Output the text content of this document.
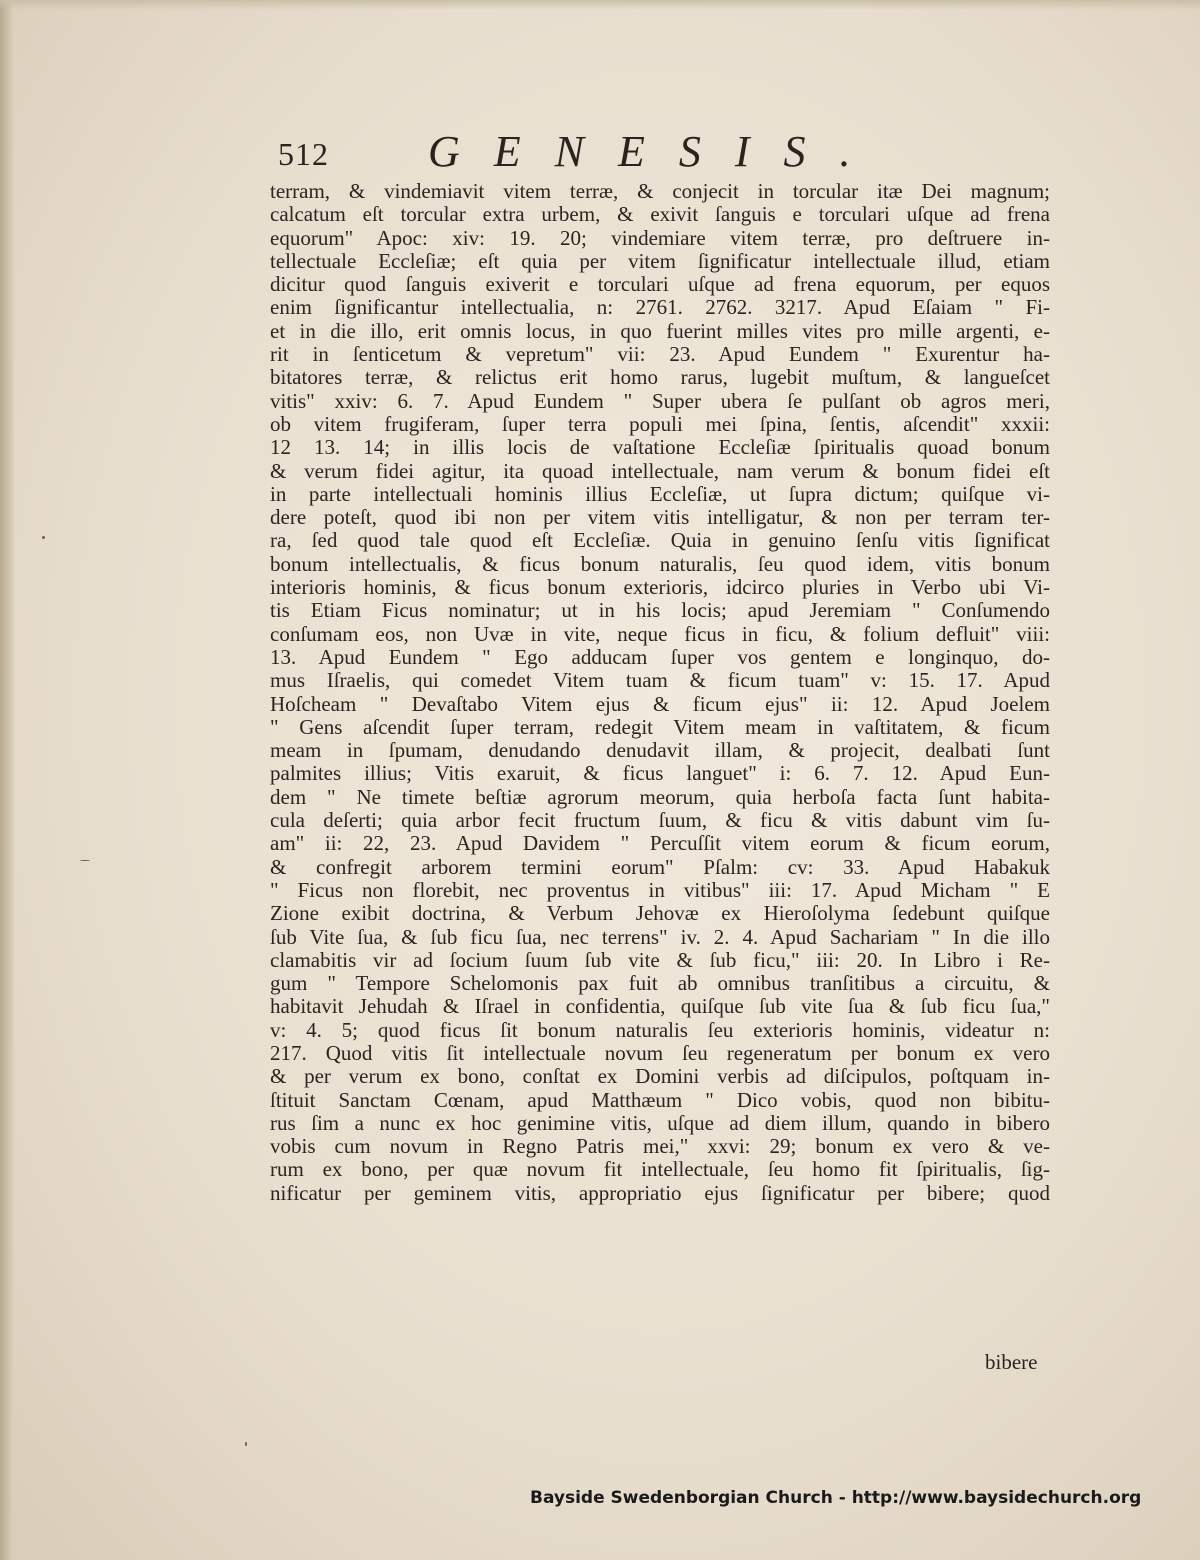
512 GENESIS.
terram, & vindemiavit vitem terræ, & conjecit in torcular itæ Dei magnum;
calcatum eſt torcular extra urbem, & exivit ſanguis e torculari uſque ad frena
equorum" Apoc: xiv: 19. 20; vindemiare vitem terræ, pro deſtruere in-
tellectuale Eccleſiæ; eſt quia per vitem ſignificatur intellectuale illud, etiam
dicitur quod ſanguis exiverit e torculari uſque ad frena equorum, per equos
enim ſignificantur intellectualia, n: 2761. 2762. 3217. Apud Eſaiam " Fi-
et in die illo, erit omnis locus, in quo fuerint milles vites pro mille argenti, e-
rit in ſenticetum & vepretum" vii: 23. Apud Eundem " Exurentur ha-
bitatores terræ, & relictus erit homo rarus, lugebit muſtum, & langueſcet
vitis" xxiv: 6. 7. Apud Eundem " Super ubera ſe pulſant ob agros meri,
ob vitem frugiferam, ſuper terra populi mei ſpina, ſentis, aſcendit" xxxii:
12 13. 14; in illis locis de vaſtatione Eccleſiæ ſpiritualis quoad bonum
& verum fidei agitur, ita quoad intellectuale, nam verum & bonum fidei eſt
in parte intellectuali hominis illius Eccleſiæ, ut ſupra dictum; quiſque vi-
dere poteſt, quod ibi non per vitem vitis intelligatur, & non per terram ter-
ra, ſed quod tale quod eſt Eccleſiæ. Quia in genuino ſenſu vitis ſignificat
bonum intellectualis, & ficus bonum naturalis, ſeu quod idem, vitis bonum
interioris hominis, & ficus bonum exterioris, idcirco pluries in Verbo ubi Vi-
tis Etiam Ficus nominatur; ut in his locis; apud Jeremiam " Conſumendo
conſumam eos, non Uvæ in vite, neque ficus in ficu, & folium defluit" viii:
13. Apud Eundem " Ego adducam ſuper vos gentem e longinquo, do-
mus Iſraelis, qui comedet Vitem tuam & ficum tuam" v: 15. 17. Apud
Hoſcheam " Devaſtabo Vitem ejus & ficum ejus" ii: 12. Apud Joelem
" Gens aſcendit ſuper terram, redegit Vitem meam in vaſtitatem, & ficum
meam in ſpumam, denudando denudavit illam, & projecit, dealbati ſunt
palmites illius; Vitis exaruit, & ficus languet" i: 6. 7. 12. Apud Eun-
dem " Ne timete beſtiæ agrorum meorum, quia herboſa facta ſunt habita-
cula deſerti; quia arbor fecit fructum ſuum, & ficu & vitis dabunt vim ſu-
am" ii: 22, 23. Apud Davidem " Percuſſit vitem eorum & ficum eorum,
& confregit arborem termini eorum" Pſalm: cv: 33. Apud Habakuk
" Ficus non florebit, nec proventus in vitibus" iii: 17. Apud Micham " E
Zione exibit doctrina, & Verbum Jehovæ ex Hieroſolyma ſedebunt quiſque
ſub Vite ſua, & ſub ficu ſua, nec terrens" iv. 2. 4. Apud Sachariam " In die illo
clamabitis vir ad ſocium ſuum ſub vite & ſub ficu," iii: 20. In Libro i Re-
gum " Tempore Schelomonis pax fuit ab omnibus tranſitibus a circuitu, &
habitavit Jehudah & Iſrael in confidentia, quiſque ſub vite ſua & ſub ficu ſua,"
v: 4. 5; quod ficus ſit bonum naturalis ſeu exterioris hominis, videatur n:
217. Quod vitis ſit intellectuale novum ſeu regeneratum per bonum ex vero
& per verum ex bono, conſtat ex Domini verbis ad diſcipulos, poſtquam in-
ſtituit Sanctam Cœnam, apud Matthæum " Dico vobis, quod non bibitu-
rus ſim a nunc ex hoc genimine vitis, uſque ad diem illum, quando in bibero
vobis cum novum in Regno Patris mei," xxvi: 29; bonum ex vero & ve-
rum ex bono, per quæ novum fit intellectuale, ſeu homo fit ſpiritualis, ſig-
nificatur per geminem vitis, appropriatio ejus ſignificatur per bibere; quod
bibere
Bayside Swedenborgian Church - http://www.baysidechurch.org
